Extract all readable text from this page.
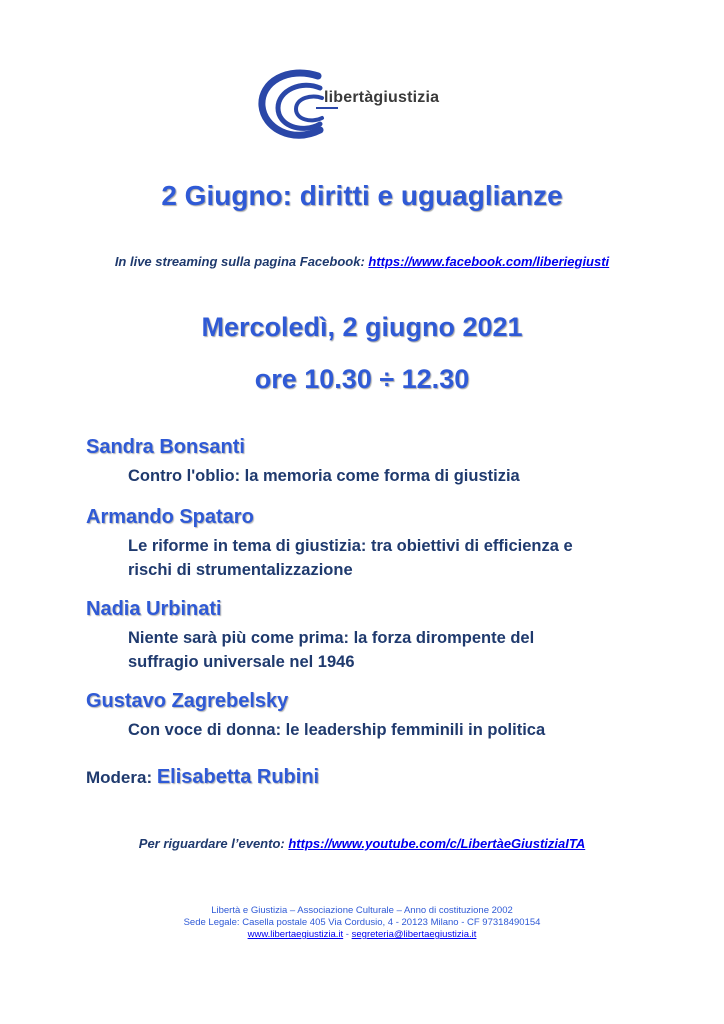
libertàgiustizia
2 Giugno: diritti e uguaglianze
In live streaming sulla pagina Facebook: https://www.facebook.com/liberiegiusti
Mercoledì, 2 giugno 2021
ore 10.30 ÷ 12.30
Sandra Bonsanti
Contro l'oblio: la memoria come forma di giustizia
Armando Spataro
Le riforme in tema di giustizia: tra obiettivi di efficienza e
rischi di strumentalizzazione
Nadia Urbinati
Niente sarà più come prima: la forza dirompente del
suffragio universale nel 1946
Gustavo Zagrebelsky
Con voce di donna: le leadership femminili in politica
Modera: Elisabetta Rubini
Per riguardare l’evento: https://www.youtube.com/c/LibertàeGiustiziaITA
Libertà e Giustizia – Associazione Culturale – Anno di costituzione 2002
Sede Legale: Casella postale 405 Via Cordusio, 4 - 20123 Milano - CF 97318490154
www.libertaegiustizia.it - segreteria@libertaegiustizia.it
